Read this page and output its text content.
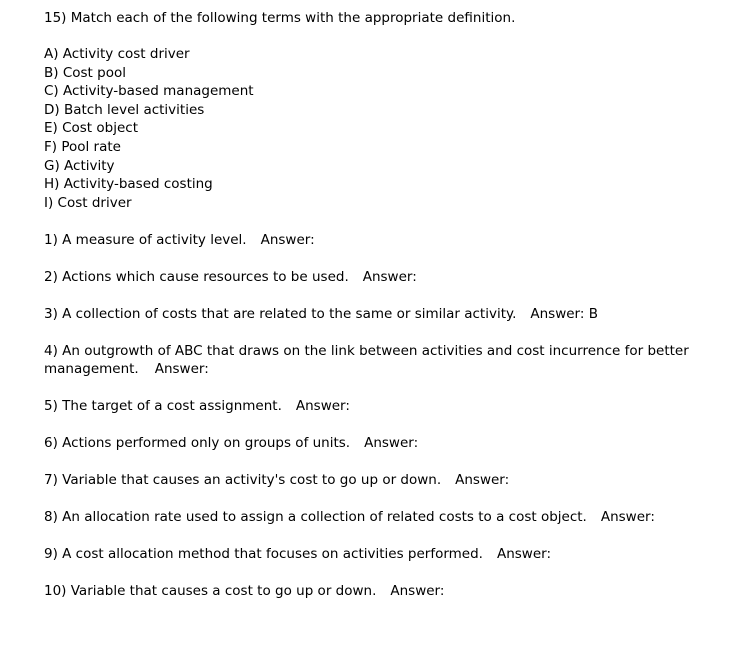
15) Match each of the following terms with the appropriate definition.

A) Activity cost driver
B) Cost pool
C) Activity-based management
D) Batch level activities
E) Cost object
F) Pool rate
G) Activity
H) Activity-based costing
I) Cost driver
1) A measure of activity level. Answer:
2) Actions which cause resources to be used. Answer:
3) A collection of costs that are related to the same or similar activity. Answer: B
4) An outgrowth of ABC that draws on the link between activities and cost incurrence for better management. Answer:
5) The target of a cost assignment. Answer:
6) Actions performed only on groups of units. Answer:
7) Variable that causes an activity's cost to go up or down. Answer:
8) An allocation rate used to assign a collection of related costs to a cost object. Answer:
9) A cost allocation method that focuses on activities performed. Answer:
10) Variable that causes a cost to go up or down. Answer:
